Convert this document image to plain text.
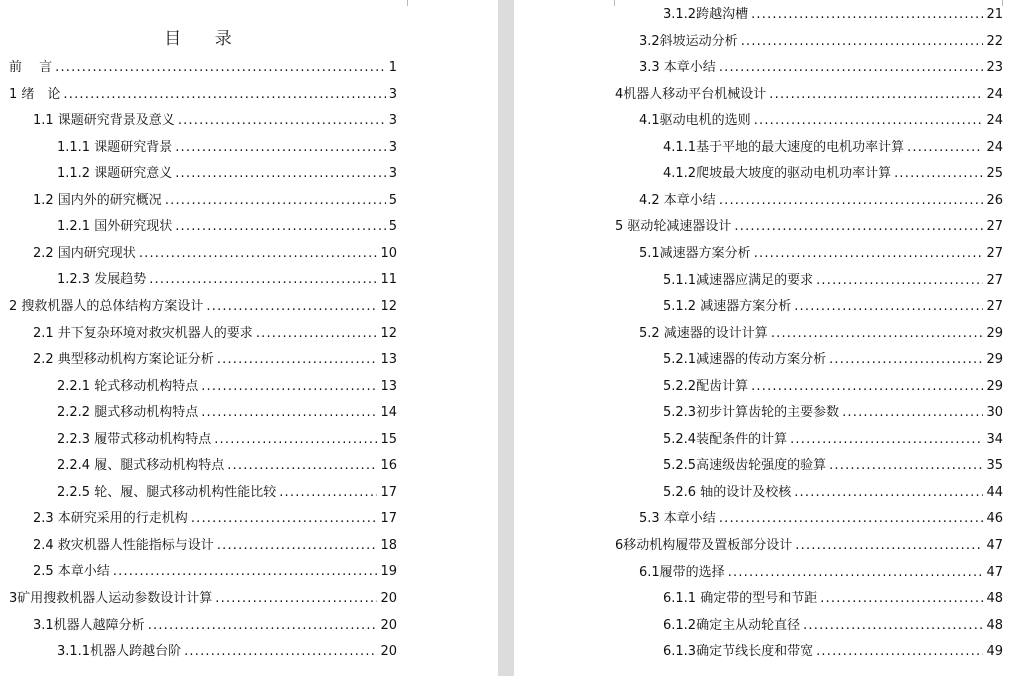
目 录
前　 言 .....	1
1 绪　论 .....	3
1.1 课题研究背景及意义 .....	3
1.1.1 课题研究背景 .....	3
1.1.2 课题研究意义 .....	3
1.2 国内外的研究概况 .....	5
1.2.1 国外研究现状 .....	5
2.2 国内研究现状 .....	10
1.2.3 发展趋势 .....	11
2 搜救机器人的总体结构方案设计 .....	12
2.1 井下复杂环境对救灾机器人的要求 .....	12
2.2 典型移动机构方案论证分析 .....	13
2.2.1 轮式移动机构特点 .....	13
2.2.2 腿式移动机构特点 .....	14
2.2.3 履带式移动机构特点 .....	15
2.2.4 履、腿式移动机构特点 .....	16
2.2.5 轮、履、腿式移动机构性能比较 .....	17
2.3 本研究采用的行走机构 .....	17
2.4 救灾机器人性能指标与设计 .....	18
2.5 本章小结 .....	19
3矿用搜救机器人运动参数设计计算 .....	20
3.1机器人越障分析 .....	20
3.1.1机器人跨越台阶 .....	20
3.1.2跨越沟槽 .....	21
3.2斜坡运动分析 .....	22
3.3 本章小结 .....	23
4机器人移动平台机械设计 .....	24
4.1驱动电机的选则 .....	24
4.1.1基于平地的最大速度的电机功率计算 .....	24
4.1.2爬坡最大坡度的驱动电机功率计算 .....	25
4.2 本章小结 .....	26
5 驱动轮减速器设计 .....	27
5.1减速器方案分析 .....	27
5.1.1减速器应满足的要求 .....	27
5.1.2 减速器方案分析 .....	27
5.2 减速器的设计计算 .....	29
5.2.1减速器的传动方案分析 .....	29
5.2.2配齿计算 .....	29
5.2.3初步计算齿轮的主要参数 .....	30
5.2.4装配条件的计算 .....	34
5.2.5高速级齿轮强度的验算 .....	35
5.2.6 轴的设计及校核 .....	44
5.3 本章小结 .....	46
6移动机构履带及置板部分设计 .....	47
6.1履带的选择 .....	47
6.1.1 确定带的型号和节距 .....	48
6.1.2确定主从动轮直径 .....	48
6.1.3确定节线长度和带宽 .....	49
